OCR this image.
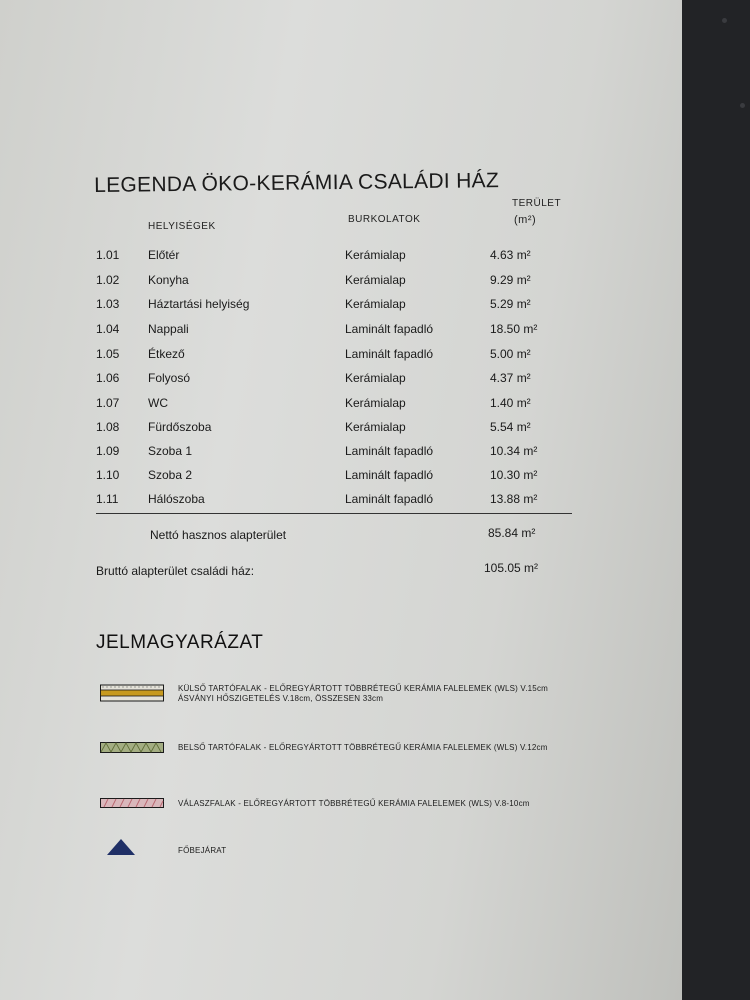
LEGENDA ÖKO-KERÁMIA CSALÁDI HÁZ
HELYISÉGEK
BURKOLATOK
TERÜLET
(m²)
1.01 Előtér	Kerámialap	4.63 m²
1.02 Konyha	Kerámialap	9.29 m²
1.03 Háztartási helyiség	Kerámialap	5.29 m²
1.04 Nappali	Laminált fapadló	18.50 m²
1.05 Étkező	Laminált fapadló	5.00 m²
1.06 Folyosó	Kerámialap	4.37 m²
1.07 WC	Kerámialap	1.40 m²
1.08 Fürdőszoba	Kerámialap	5.54 m²
1.09 Szoba 1	Laminált fapadló	10.34 m²
1.10 Szoba 2	Laminált fapadló	10.30 m²
1.11 Hálószoba	Laminált fapadló	13.88 m²
Nettó hasznos alapterület	85.84 m²
Bruttó alapterület családi ház:	105.05 m²
JELMAGYARÁZAT
KÜLSŐ TARTÓFALAK - ELŐREGYÁRTOTT TÖBBRÉTEGŰ KERÁMIA FALELEMEK (WLS) V.15cm
ÁSVÁNYI HŐSZIGETELÉS V.18cm, ÖSSZESEN 33cm
BELSŐ TARTÓFALAK - ELŐREGYÁRTOTT TÖBBRÉTEGŰ KERÁMIA FALELEMEK (WLS) V.12cm
VÁLASZFALAK - ELŐREGYÁRTOTT TÖBBRÉTEGŰ KERÁMIA FALELEMEK (WLS) V.8-10cm
FŐBEJÁRAT
